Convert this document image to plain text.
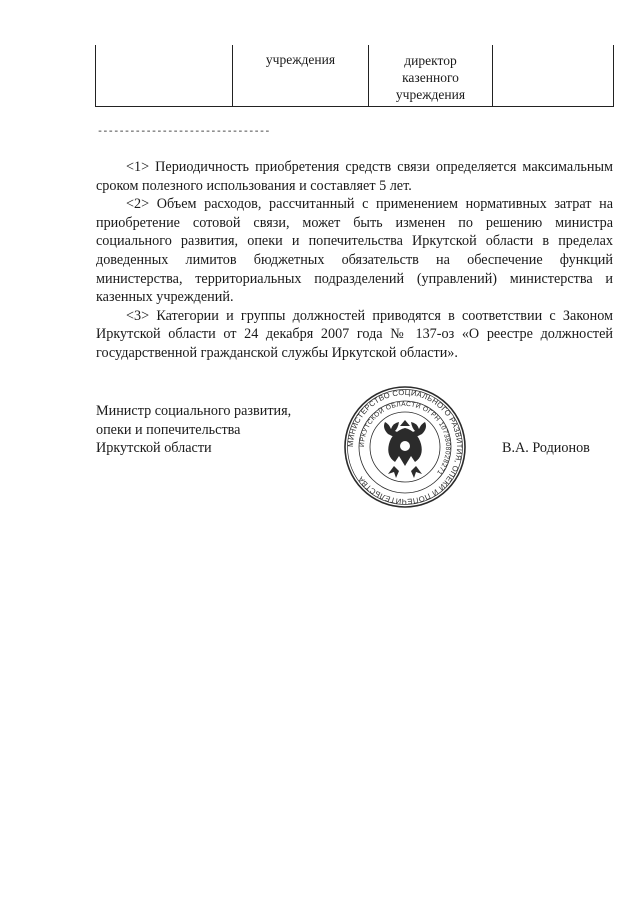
учреждения	директор
казенного
учреждения
--------------------------------

<1> Периодичность приобретения средств связи определяется максимальным сроком полезного использования и составляет 5 лет.

<2> Объем расходов, рассчитанный с применением нормативных затрат на приобретение сотовой связи, может быть изменен по решению министра социального развития, опеки и попечительства Иркутской области в пределах доведенных лимитов бюджетных обязательств на обеспечение функций министерства, территориальных подразделений (управлений) министерства и казенных учреждений.

<3> Категории и группы должностей приводятся в соответствии с Законом Иркутской области от 24 декабря 2007 года № 137-оз «О реестре должностей государственной гражданской службы Иркутской области».

Министр социального развития,
опеки и попечительства
Иркутской области	МИНИСТЕРСТВО СОЦИАЛЬНОГО РАЗВИТИЯ, ОПЕКИ И ПОПЕЧИТЕЛЬСТВА
ИРКУТСКОЙ ОБЛАСТИ ОГРН 1073808028271
В.А. Родионов
